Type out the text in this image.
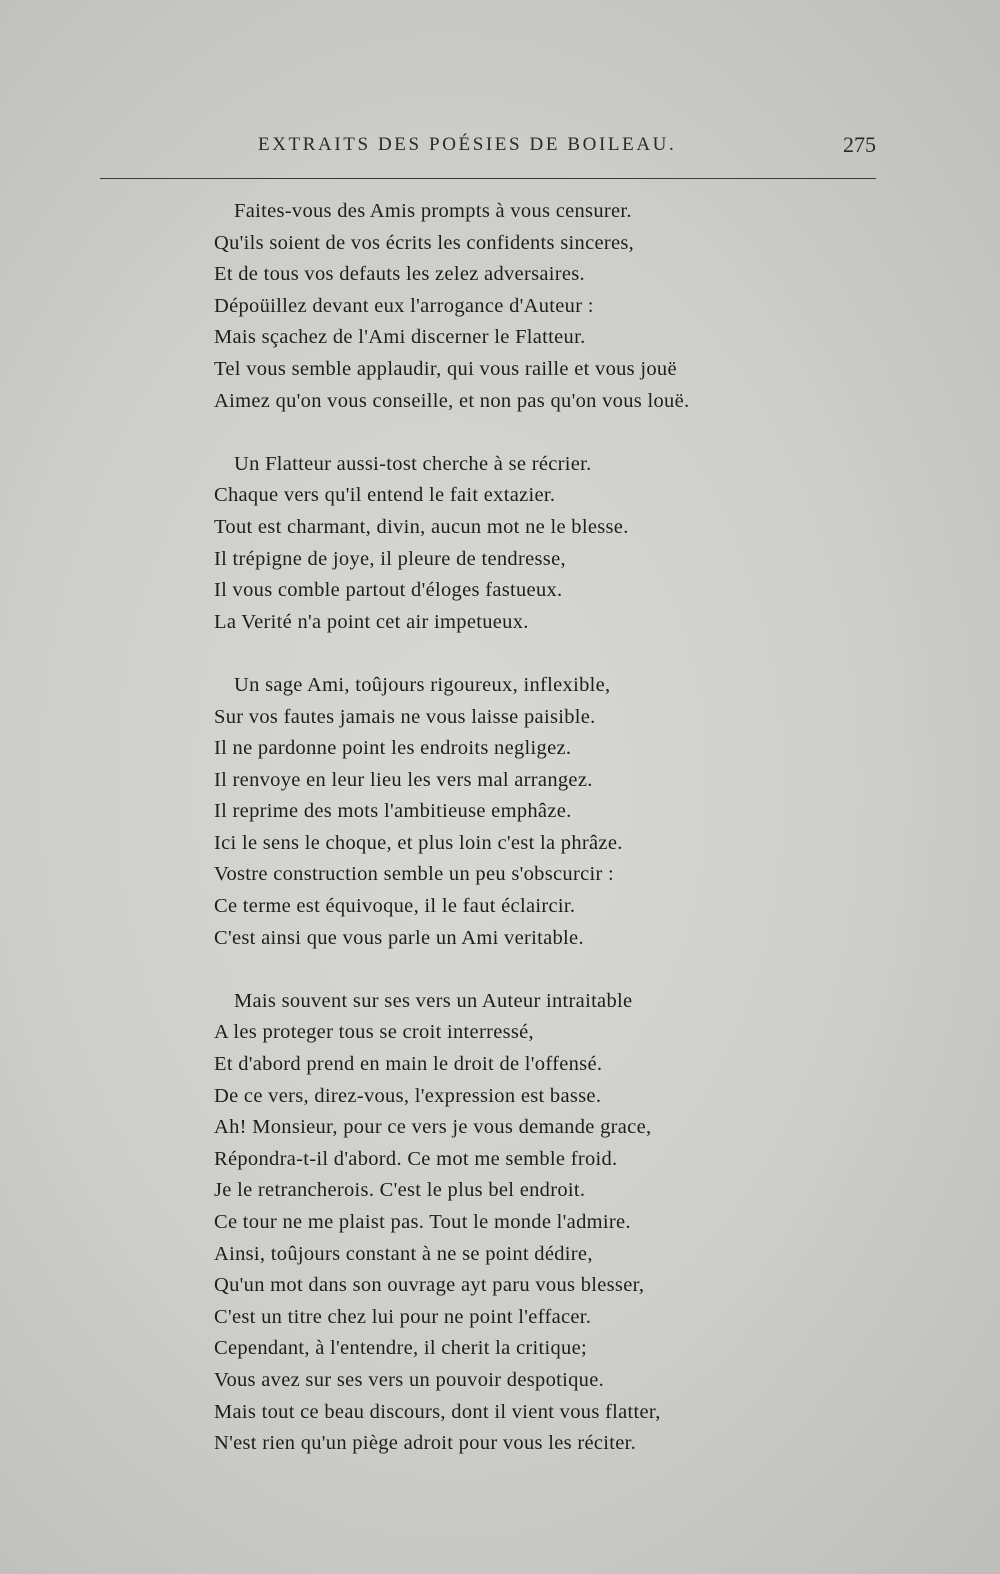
EXTRAITS DES POÉSIES DE BOILEAU.	275
Faites-vous des Amis prompts à vous censurer.
Qu'ils soient de vos écrits les confidents sinceres,
Et de tous vos defauts les zelez adversaires.
Dépoüillez devant eux l'arrogance d'Auteur :
Mais sçachez de l'Ami discerner le Flatteur.
Tel vous semble applaudir, qui vous raille et vous jouë
Aimez qu'on vous conseille, et non pas qu'on vous louë.
Un Flatteur aussi-tost cherche à se récrier.
Chaque vers qu'il entend le fait extazier.
Tout est charmant, divin, aucun mot ne le blesse.
Il trépigne de joye, il pleure de tendresse,
Il vous comble partout d'éloges fastueux.
La Verité n'a point cet air impetueux.
Un sage Ami, toûjours rigoureux, inflexible,
Sur vos fautes jamais ne vous laisse paisible.
Il ne pardonne point les endroits negligez.
Il renvoye en leur lieu les vers mal arrangez.
Il reprime des mots l'ambitieuse emphâze.
Ici le sens le choque, et plus loin c'est la phrâze.
Vostre construction semble un peu s'obscurcir :
Ce terme est équivoque, il le faut éclaircir.
C'est ainsi que vous parle un Ami veritable.
Mais souvent sur ses vers un Auteur intraitable
A les proteger tous se croit interressé,
Et d'abord prend en main le droit de l'offensé.
De ce vers, direz-vous, l'expression est basse.
Ah! Monsieur, pour ce vers je vous demande grace,
Répondra-t-il d'abord. Ce mot me semble froid.
Je le retrancherois. C'est le plus bel endroit.
Ce tour ne me plaist pas. Tout le monde l'admire.
Ainsi, toûjours constant à ne se point dédire,
Qu'un mot dans son ouvrage ayt paru vous blesser,
C'est un titre chez lui pour ne point l'effacer.
Cependant, à l'entendre, il cherit la critique;
Vous avez sur ses vers un pouvoir despotique.
Mais tout ce beau discours, dont il vient vous flatter,
N'est rien qu'un piège adroit pour vous les réciter.
